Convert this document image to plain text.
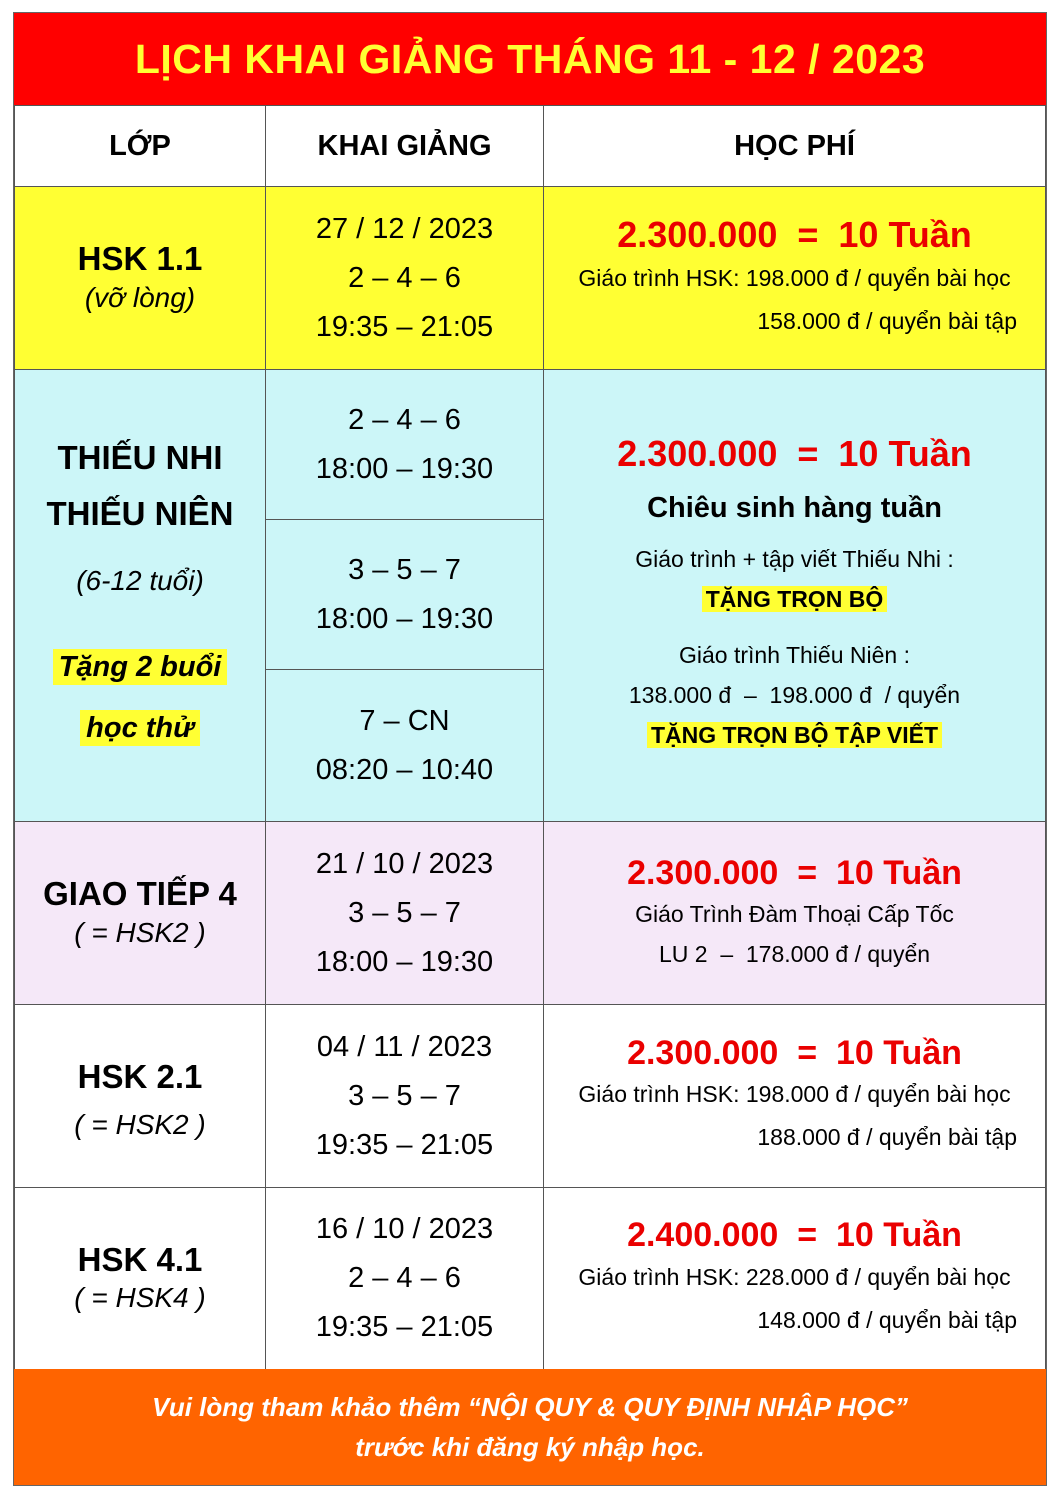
LỊCH KHAI GIẢNG THÁNG 11 - 12 / 2023
LỚP	KHAI GIẢNG	HỌC PHÍ
HSK 1.1
(vỡ lòng)
27 / 12 / 2023
2 – 4 – 6
19:35 – 21:05
2.300.000  =  10 Tuần
Giáo trình HSK: 198.000 đ / quyển bài học
158.000 đ / quyển bài tập
THIẾU NHI
THIẾU NIÊN
(6-12 tuổi)
Tặng 2 buổi
học thử
2 – 4 – 6
18:00 – 19:30
3 – 5 – 7
18:00 – 19:30
7 – CN
08:20 – 10:40
2.300.000  =  10 Tuần
Chiêu sinh hàng tuần
Giáo trình + tập viết Thiếu Nhi :
TẶNG TRỌN BỘ
Giáo trình Thiếu Niên :
138.000 đ  –  198.000 đ  / quyển
TẶNG TRỌN BỘ TẬP VIẾT
GIAO TIẾP 4
( = HSK2 )
21 / 10 / 2023
3 – 5 – 7
18:00 – 19:30
2.300.000  =  10 Tuần
Giáo Trình Đàm Thoại Cấp Tốc
LU 2  –  178.000 đ / quyển
HSK 2.1
( = HSK2 )
04 / 11 / 2023
3 – 5 – 7
19:35 – 21:05
2.300.000  =  10 Tuần
Giáo trình HSK: 198.000 đ / quyển bài học
188.000 đ / quyển bài tập
HSK 4.1
( = HSK4 )
16 / 10 / 2023
2 – 4 – 6
19:35 – 21:05
2.400.000  =  10 Tuần
Giáo trình HSK: 228.000 đ / quyển bài học
148.000 đ / quyển bài tập
Vui lòng tham khảo thêm “NỘI QUY & QUY ĐỊNH NHẬP HỌC”
trước khi đăng ký nhập học.
